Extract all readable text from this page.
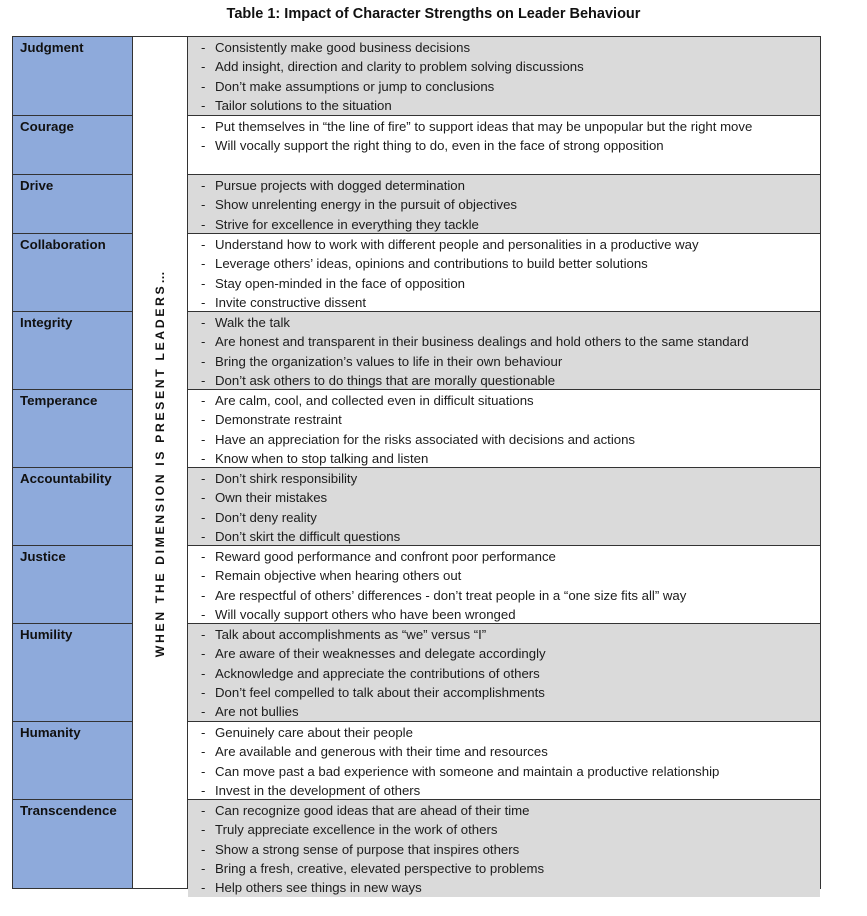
Table 1: Impact of Character Strengths on Leader Behaviour
Judgment
Courage
Drive
Collaboration
Integrity
Temperance
Accountability
Justice
Humility
Humanity
Transcendence
WHEN THE DIMENSION IS PRESENT LEADERS…
- Consistently make good business decisions
- Add insight, direction and clarity to problem solving discussions
- Don’t make assumptions or jump to conclusions
- Tailor solutions to the situation
- Put themselves in “the line of fire” to support ideas that may be unpopular but the right move
- Will vocally support the right thing to do, even in the face of strong opposition
- Pursue projects with dogged determination
- Show unrelenting energy in the pursuit of objectives
- Strive for excellence in everything they tackle
- Understand how to work with different people and personalities in a productive way
- Leverage others’ ideas, opinions and contributions to build better solutions
- Stay open-minded in the face of opposition
- Invite constructive dissent
- Walk the talk
- Are honest and transparent in their business dealings and hold others to the same standard
- Bring the organization’s values to life in their own behaviour
- Don’t ask others to do things that are morally questionable
- Are calm, cool, and collected even in difficult situations
- Demonstrate restraint
- Have an appreciation for the risks associated with decisions and actions
- Know when to stop talking and listen
- Don’t shirk responsibility
- Own their mistakes
- Don’t deny reality
- Don’t skirt the difficult questions
- Reward good performance and confront poor performance
- Remain objective when hearing others out
- Are respectful of others’ differences - don’t treat people in a “one size fits all” way
- Will vocally support others who have been wronged
- Talk about accomplishments as “we” versus “I”
- Are aware of their weaknesses and delegate accordingly
- Acknowledge and appreciate the contributions of others
- Don’t feel compelled to talk about their accomplishments
- Are not bullies
- Genuinely care about their people
- Are available and generous with their time and resources
- Can move past a bad experience with someone and maintain a productive relationship
- Invest in the development of others
- Can recognize good ideas that are ahead of their time
- Truly appreciate excellence in the work of others
- Show a strong sense of purpose that inspires others
- Bring a fresh, creative, elevated perspective to problems
- Help others see things in new ways
